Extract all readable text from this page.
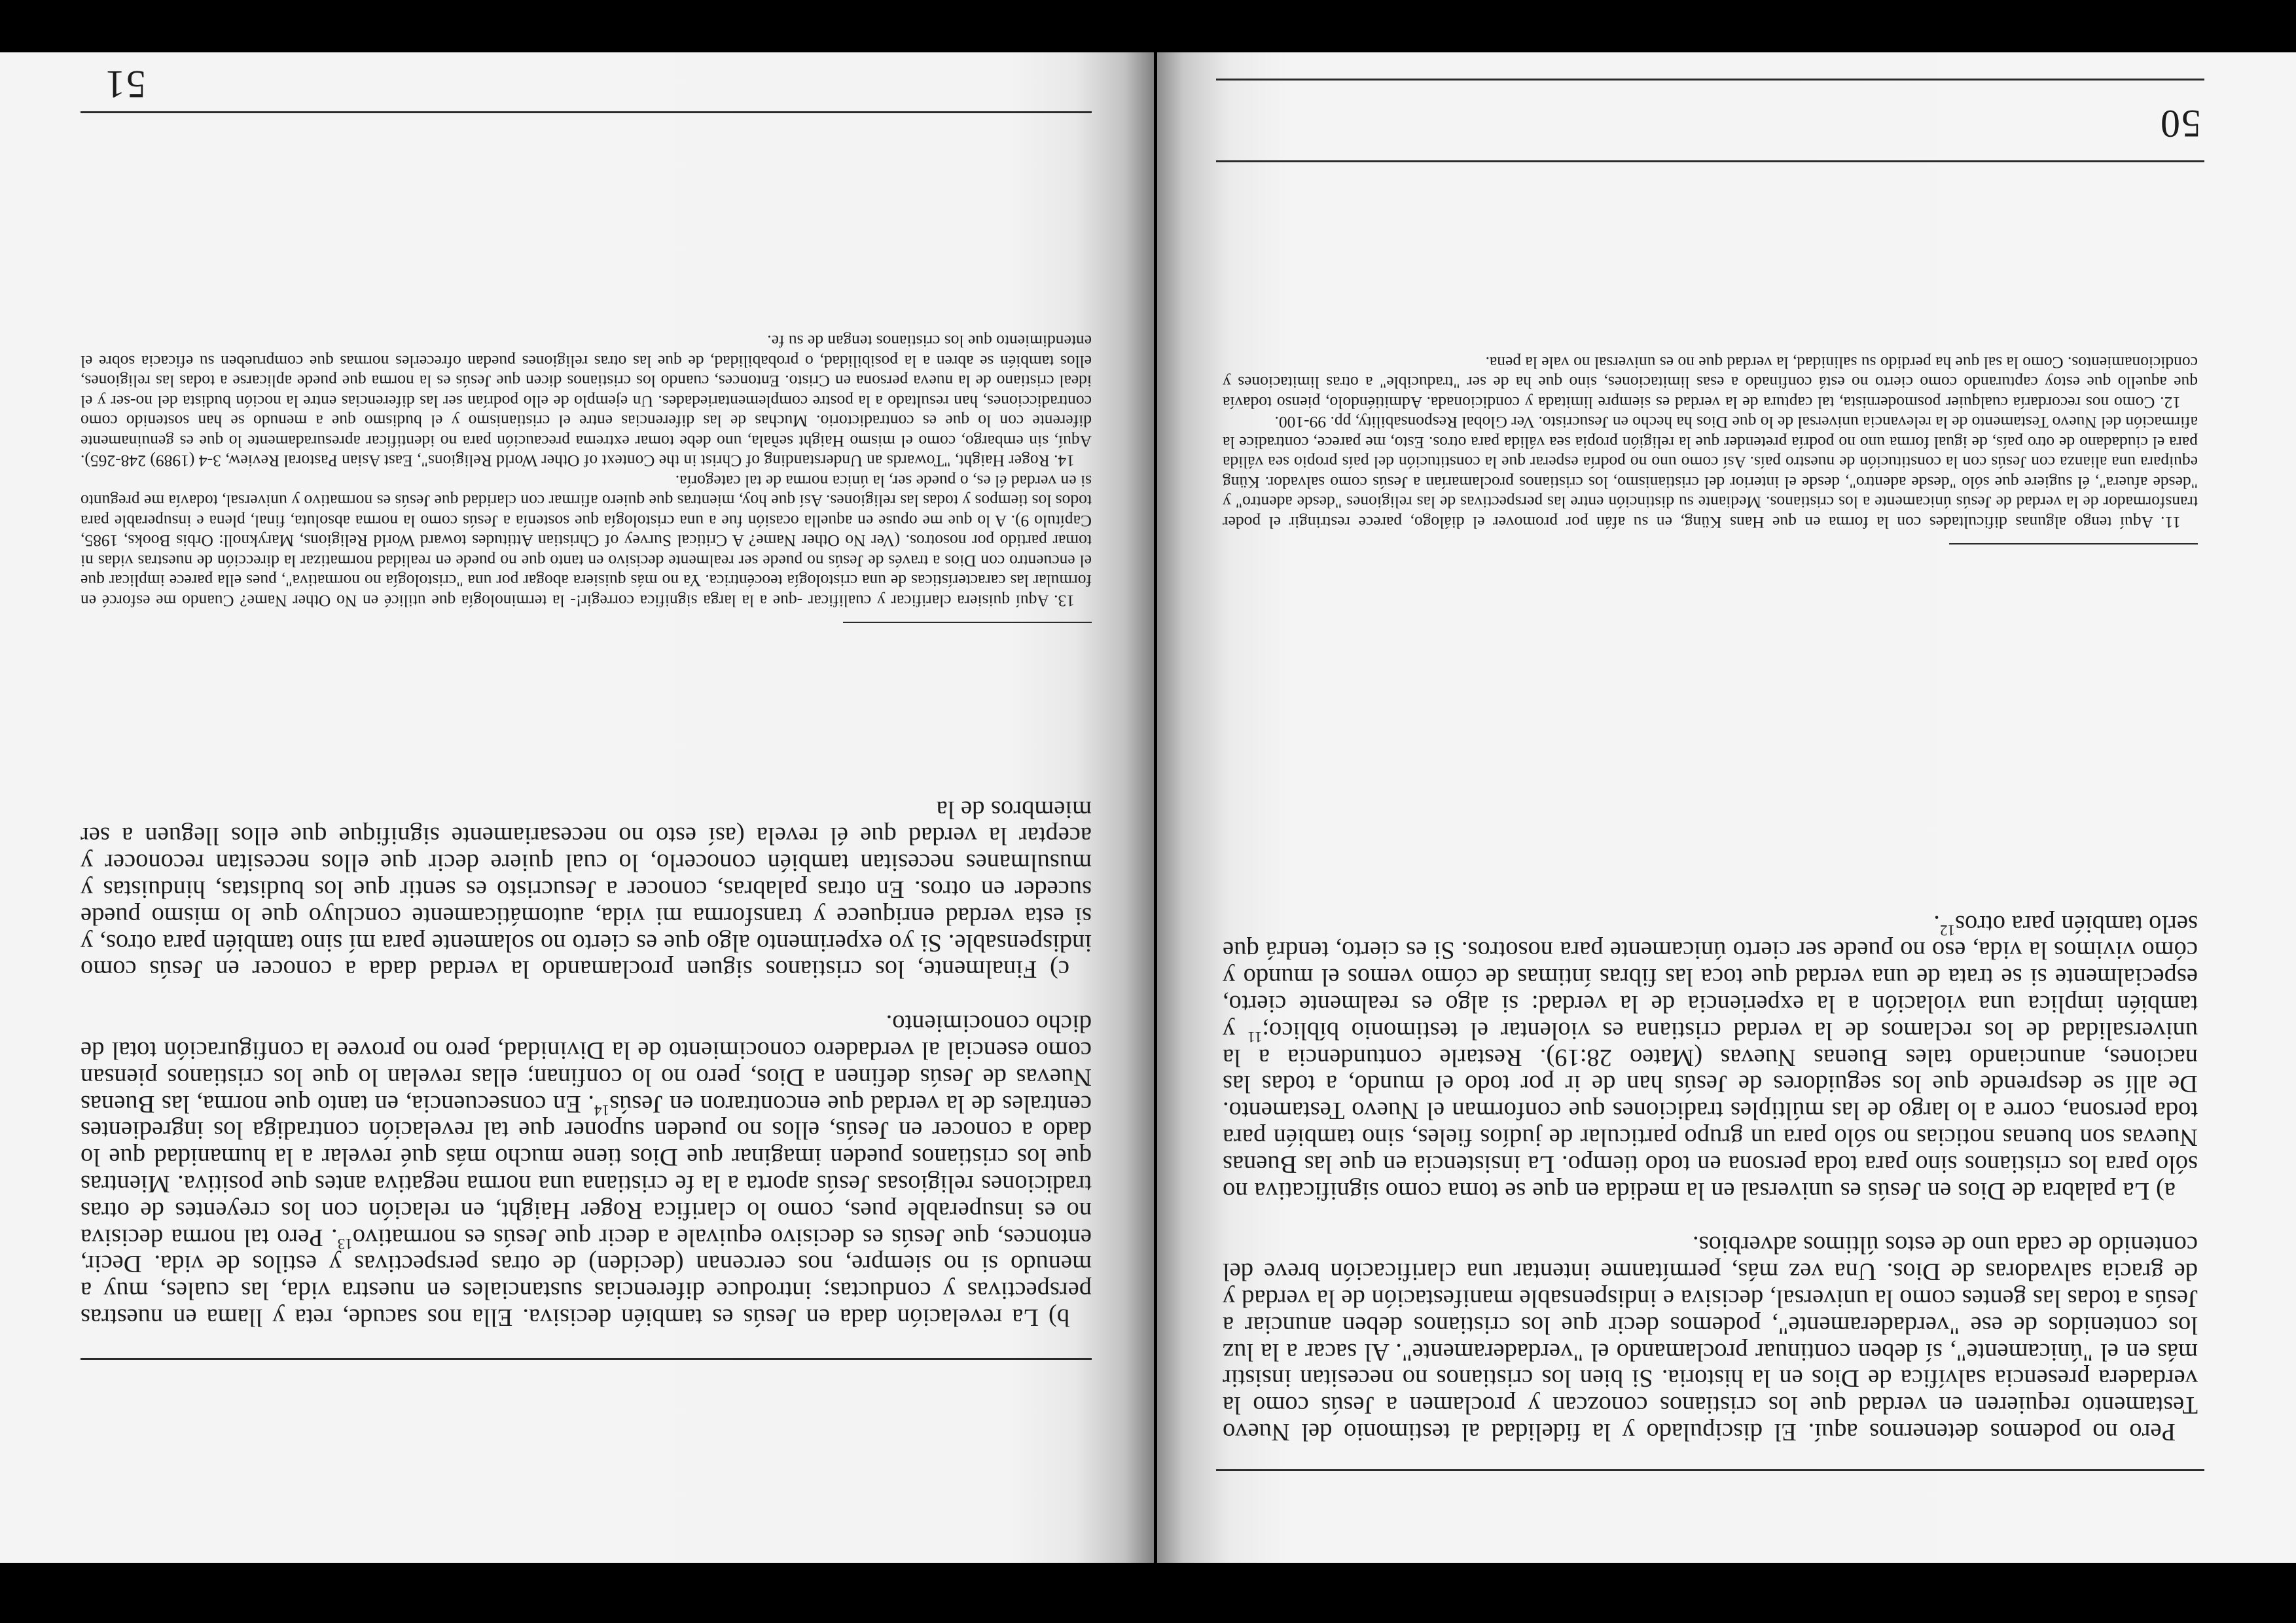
Pero no podemos detenernos aquí. El discipulado y la fidelidad al testimonio del Nuevo Testamento requieren en verdad que los cristianos conozcan y proclamen a Jesús como la verdadera presencia salvífica de Dios en la historia. Si bien los cristianos no necesitan insistir más en el "únicamente", sí deben continuar proclamando el "verdaderamente". Al sacar a la luz los contenidos de ese "verdaderamente", podemos decir que los cristianos deben anunciar a Jesús a todas las gentes como la universal, decisiva e indispensable manifestación de la verdad y de gracia salvadoras de Dios. Una vez más, permítanme intentar una clarificación breve del contenido de cada uno de estos últimos adverbios.

a) La palabra de Dios en Jesús es universal en la medida en que se toma como significativa no sólo para los cristianos sino para toda persona en todo tiempo. La insistencia en que las Buenas Nuevas son buenas noticias no sólo para un grupo particular de judíos fieles, sino también para toda persona, corre a lo largo de las múltiples tradiciones que conforman el Nuevo Testamento. De allí se desprende que los seguidores de Jesús han de ir por todo el mundo, a todas las naciones, anunciando tales Buenas Nuevas (Mateo 28:19). Restarle contundencia a la universalidad de los reclamos de la verdad cristiana es violentar el testimonio bíblico;$^{11}$ y también implica una violación a la experiencia de la verdad: si algo es realmente cierto, especialmente si se trata de una verdad que toca las fibras íntimas de cómo vemos el mundo y cómo vivimos la vida, eso no puede ser cierto únicamente para nosotros. Si es cierto, tendrá que serlo también para otros$^{12}$.

11. Aquí tengo algunas dificultades con la forma en que Hans Küng, en su afán por promover el diálogo, parece restringir el poder transformador de la verdad de Jesús únicamente a los cristianos. Mediante su distinción entre las perspectivas de las religiones "desde adentro" y "desde afuera", él sugiere que sólo "desde adentro", desde el interior del cristianismo, los cristianos proclamarían a Jesús como salvador. Küng equipara una alianza con Jesús con la constitución de nuestro país. Así como uno no podría esperar que la constitución del país propio sea válida para el ciudadano de otro país, de igual forma uno no podría pretender que la religión propia sea válida para otros. Esto, me parece, contradice la afirmación del Nuevo Testamento de la relevancia universal de lo que Dios ha hecho en Jesucristo. Ver Global Responsability, pp. 99-100.

12. Como nos recordaría cualquier posmodernista, tal captura de la verdad es siempre limitada y condicionada. Admitiéndolo, pienso todavía que aquello que estoy capturando como cierto no está confinado a esas limitaciones, sino que ha de ser "traducible" a otras limitaciones y condicionamientos. Como la sal que ha perdido su salinidad, la verdad que no es universal no vale la pena.

50

b) La revelación dada en Jesús es también decisiva. Ella nos sacude, reta y llama en nuestras perspectivas y conductas; introduce diferencias sustanciales en nuestra vida, las cuales, muy a menudo si no siempre, nos cercenan (deciden) de otras perspectivas y estilos de vida. Decir, entonces, que Jesús es decisivo equivale a decir que Jesús es normativo$^{13}$. Pero tal norma decisiva no es insuperable pues, como lo clarifica Roger Haight, en relación con los creyentes de otras tradiciones religiosas Jesús aporta a la fe cristiana una norma negativa antes que positiva. Mientras que los cristianos pueden imaginar que Dios tiene mucho más qué revelar a la humanidad que lo dado a conocer en Jesús, ellos no pueden suponer que tal revelación contradiga los ingredientes centrales de la verdad que encontraron en Jesús$^{14}$. En consecuencia, en tanto que norma, las Buenas Nuevas de Jesús definen a Dios, pero no lo confinan; ellas revelan lo que los cristianos piensan como esencial al verdadero conocimiento de la Divinidad, pero no provee la configuración total de dicho conocimiento.

c) Finalmente, los cristianos siguen proclamando la verdad dada a conocer en Jesús como indispensable. Si yo experimento algo que es cierto no solamente para mí sino también para otros, y si esta verdad enriquece y transforma mi vida, automáticamente concluyo que lo mismo puede suceder en otros. En otras palabras, conocer a Jesucristo es sentir que los budistas, hinduistas y musulmanes necesitan también conocerlo, lo cual quiere decir que ellos necesitan reconocer y aceptar la verdad que él revela (así esto no necesariamente signifique que ellos lleguen a ser miembros de la

13. Aquí quisiera clarificar y cualificar -que a la larga significa corregir!- la terminología que utilicé en No Other Name? Cuando me esforcé en formular las características de una cristología teocéntrica. Ya no más quisiera abogar por una "cristología no normativa", pues ella parece implicar que el encuentro con Dios a través de Jesús no puede ser realmente decisivo en tanto que no puede en realidad normatizar la dirección de nuestras vidas ni tomar partido por nosotros. (Ver No Other Name? A Critical Survey of Christian Attitudes toward World Religions, Maryknoll: Orbis Books, 1985, Capítulo 9). A lo que me opuse en aquella ocasión fue a una cristología que sostenía a Jesús como la norma absoluta, final, plena e insuperable para todos los tiempos y todas las religiones. Así que hoy, mientras que quiero afirmar con claridad que Jesús es normativo y universal, todavía me pregunto si en verdad él es, o puede ser, la única norma de tal categoría.

14. Roger Haight, "Towards an Understanding of Christ in the Context of Other World Religions", East Asian Pastoral Review, 3-4 (1989) 248-265). Aquí, sin embargo, como el mismo Haight señala, uno debe tomar extrema precaución para no identificar apresuradamente lo que es genuinamente diferente con lo que es contradictorio. Muchas de las diferencias entre el cristianismo y el budismo que a menudo se han sostenido como contradicciones, han resultado a la postre complementariedades. Un ejemplo de ello podrían ser las diferencias entre la noción budista del no-ser y el ideal cristiano de la nueva persona en Cristo. Entonces, cuando los cristianos dicen que Jesús es la norma que puede aplicarse a todas las religiones, ellos también se abren a la posibilidad, o probabilidad, de que las otras religiones puedan ofrecerles normas que comprueben su eficacia sobre el entendimiento que los cristianos tengan de su fe.

51
